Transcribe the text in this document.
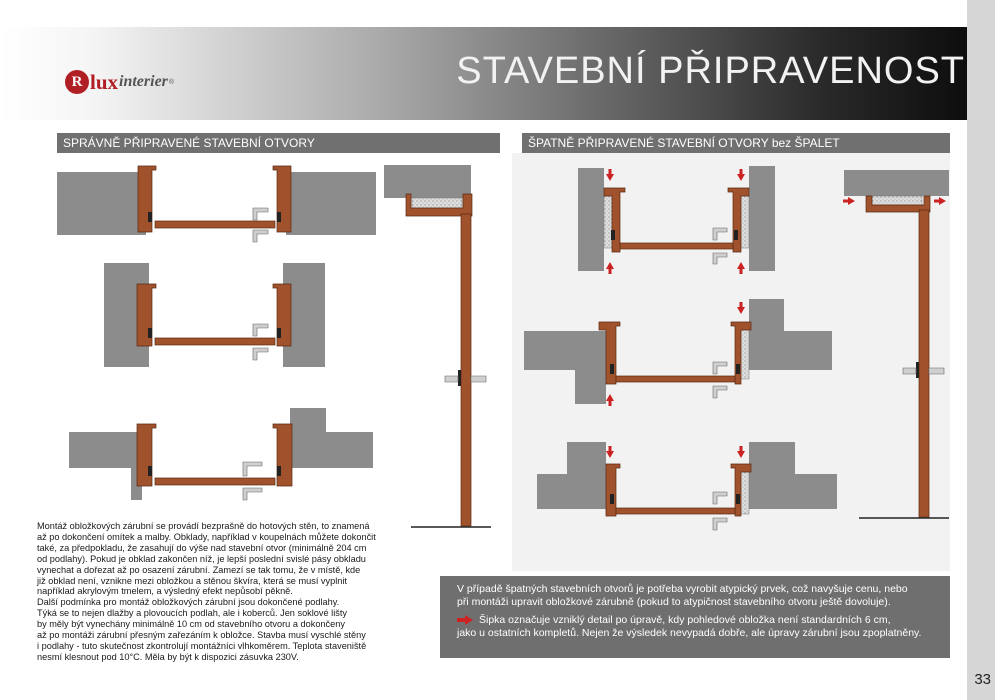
R lux interier ®	STAVEBNÍ PŘIPRAVENOST
33
SPRÁVNĚ PŘIPRAVENÉ STAVEBNÍ OTVORY	ŠPATNĚ PŘIPRAVENÉ STAVEBNÍ OTVORY bez ŠPALET
Montáž obložkových zárubní se provádí bezprašně do hotových stěn, to znamená
až po dokončení omítek a malby. Obklady, například v koupelnách můžete dokončit
také, za předpokladu, že zasahují do výše nad stavební otvor (minimálně 204 cm
od podlahy). Pokud je obklad zakončen níž, je lepší poslední svislé pásy obkladu
vynechat a dořezat až po osazení zárubní. Zamezí se tak tomu, že v místě, kde
již obklad není, vznikne mezi obložkou a stěnou škvíra, která se musí vyplnit
například akrylovým tmelem, a výsledný efekt nepůsobí pěkně.
Další podmínka pro montáž obložkových zárubní jsou dokončené podlahy.
Týká se to nejen dlažby a plovoucích podlah, ale i koberců. Jen soklové lišty
by měly být vynechány minimálně 10 cm od stavebního otvoru a dokončeny
až po montáži zárubní přesným zařezáním k obložce. Stavba musí vyschlé stěny
i podlahy - tuto skutečnost zkontrolují montážníci vlhkoměrem. Teplota staveniště
nesmí klesnout pod 10°C. Měla by být k dispozici zásuvka 230V.
V případě špatných stavebních otvorů je potřeba vyrobit atypický prvek, což navyšuje cenu, nebo
při montáži upravit obložkové zárubně (pokud to atypičnost stavebního otvoru ještě dovoluje).
Šipka označuje vzniklý detail po úpravě, kdy pohledové obložka není standardních 6 cm,
jako u ostatních kompletů. Nejen že výsledek nevypadá dobře, ale úpravy zárubní jsou zpoplatněny.
